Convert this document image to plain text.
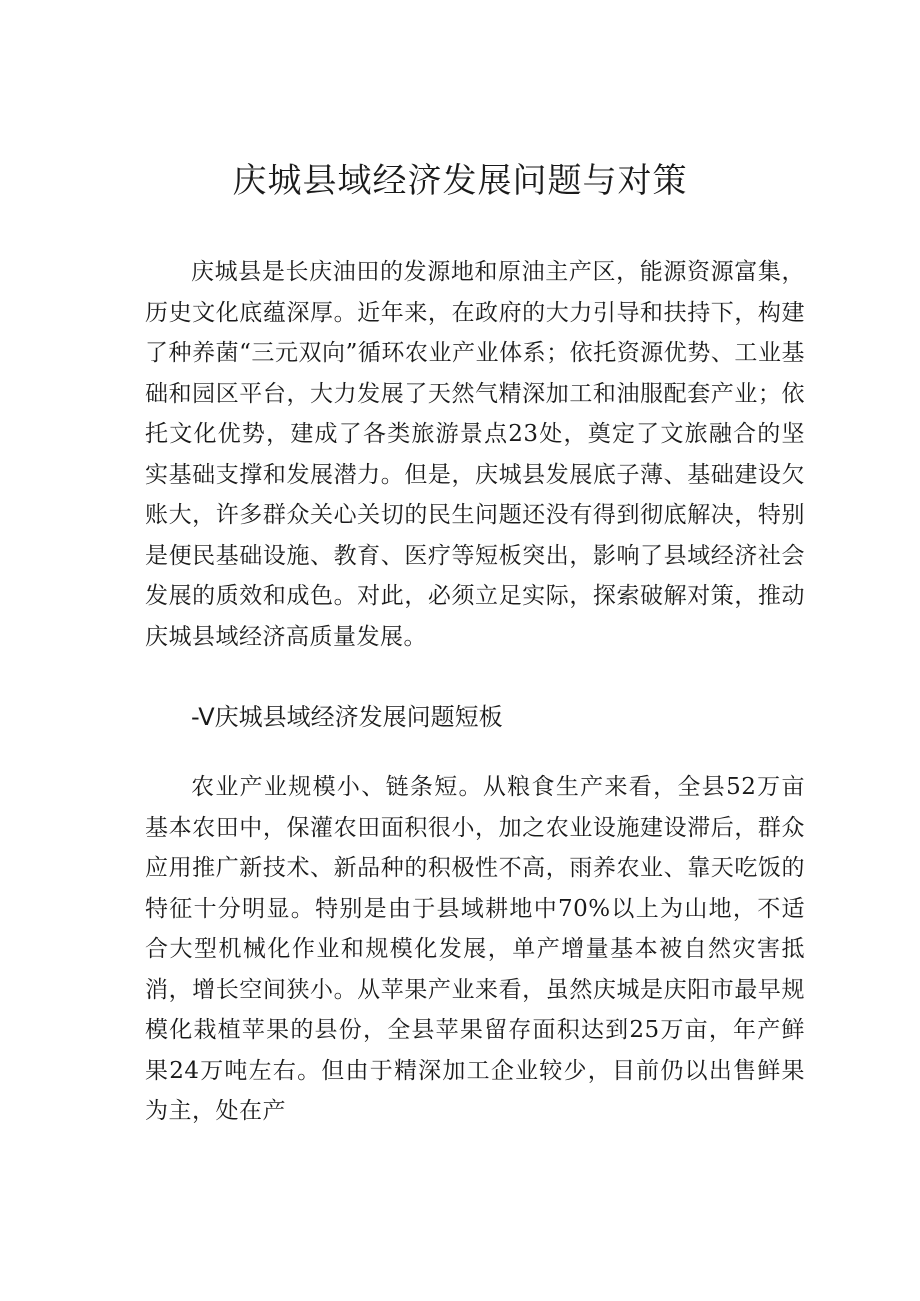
庆城县域经济发展问题与对策

庆城县是长庆油田的发源地和原油主产区，能源资源富集，历史文化底蕴深厚。近年来，在政府的大力引导和扶持下，构建了种养菌“三元双向”循环农业产业体系；依托资源优势、工业基础和园区平台，大力发展了天然气精深加工和油服配套产业；依托文化优势，建成了各类旅游景点23处，奠定了文旅融合的坚实基础支撑和发展潜力。但是，庆城县发展底子薄、基础建设欠账大，许多群众关心关切的民生问题还没有得到彻底解决，特别是便民基础设施、教育、医疗等短板突出，影响了县域经济社会发展的质效和成色。对此，必须立足实际，探索破解对策，推动庆城县域经济高质量发展。

-V庆城县域经济发展问题短板

农业产业规模小、链条短。从粮食生产来看，全县52万亩基本农田中，保灌农田面积很小，加之农业设施建设滞后，群众应用推广新技术、新品种的积极性不高，雨养农业、靠天吃饭的特征十分明显。特别是由于县域耕地中70%以上为山地，不适合大型机械化作业和规模化发展，单产增量基本被自然灾害抵消，增长空间狭小。从苹果产业来看，虽然庆城是庆阳市最早规模化栽植苹果的县份，全县苹果留存面积达到25万亩，年产鲜果24万吨左右。但由于精深加工企业较少，目前仍以出售鲜果为主，处在产
